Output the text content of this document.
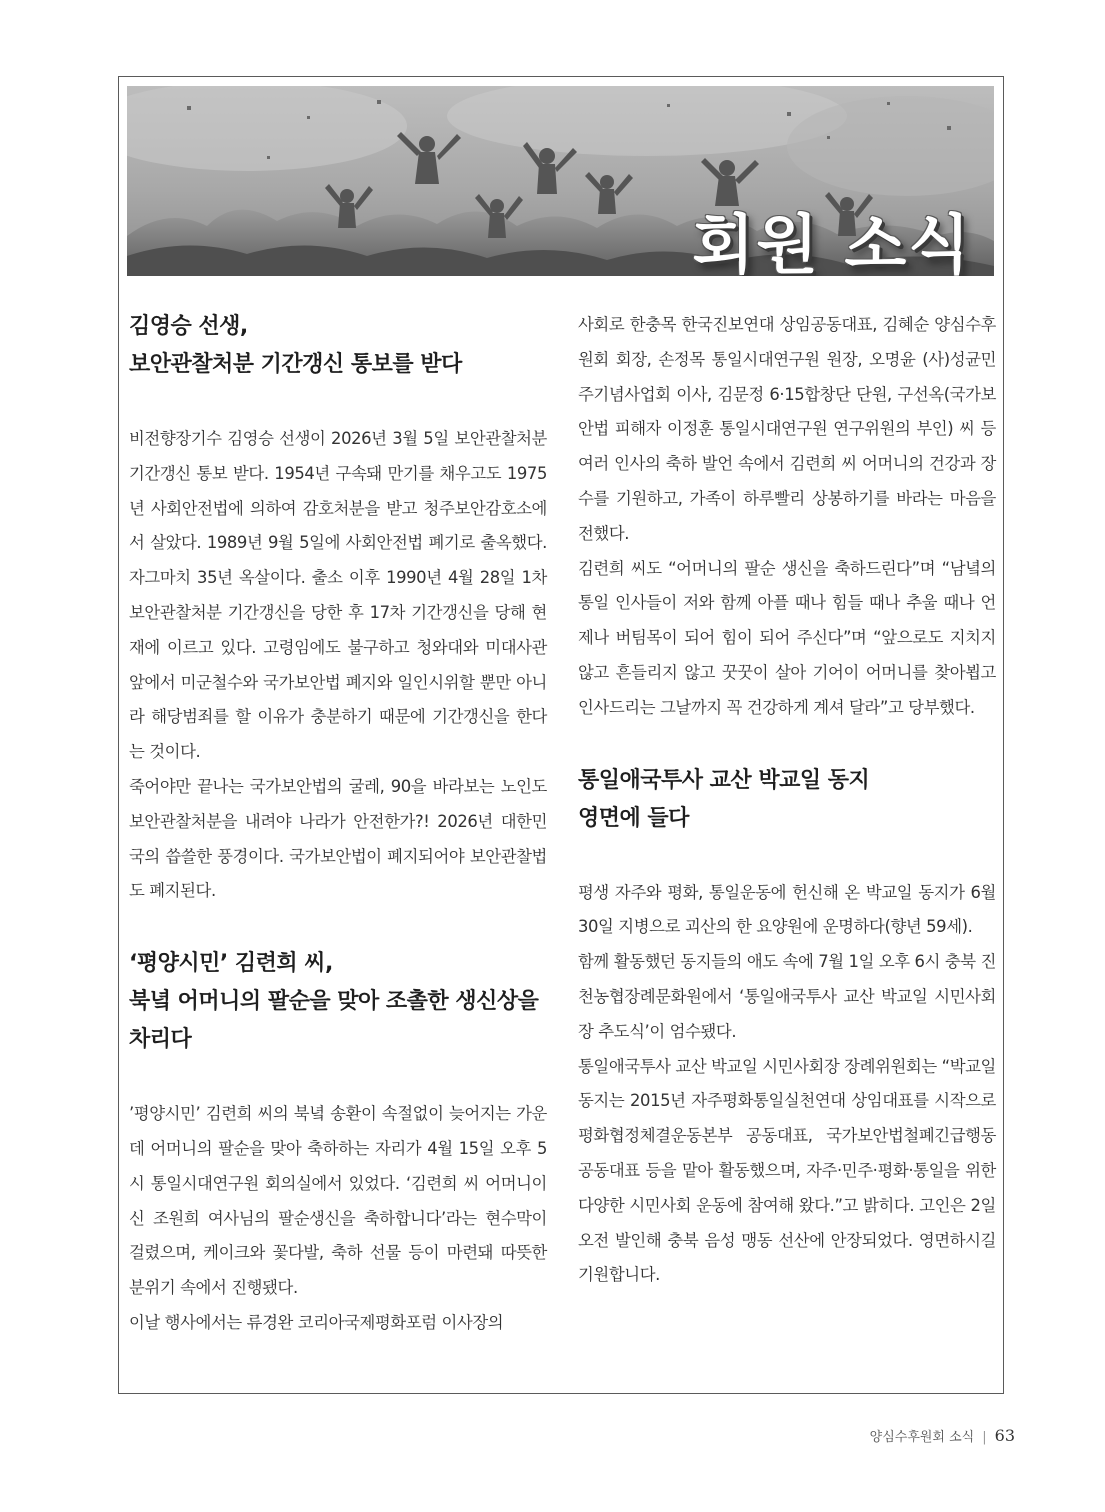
회원 소식
김영승 선생,
보안관찰처분 기간갱신 통보를 받다

비전향장기수 김영승 선생이 2026년 3월 5일 보안관찰처분 기간갱신 통보 받다. 1954년 구속돼 만기를 채우고도 1975년 사회안전법에 의하여 감호처분을 받고 청주보안감호소에서 살았다. 1989년 9월 5일에 사회안전법 폐기로 출옥했다. 자그마치 35년 옥살이다. 출소 이후 1990년 4월 28일 1차 보안관찰처분 기간갱신을 당한 후 17차 기간갱신을 당해 현재에 이르고 있다. 고령임에도 불구하고 청와대와 미대사관 앞에서 미군철수와 국가보안법 폐지와 일인시위할 뿐만 아니라 해당범죄를 할 이유가 충분하기 때문에 기간갱신을 한다는 것이다.

죽어야만 끝나는 국가보안법의 굴레, 90을 바라보는 노인도 보안관찰처분을 내려야 나라가 안전한가?! 2026년 대한민국의 씁쓸한 풍경이다. 국가보안법이 폐지되어야 보안관찰법도 폐지된다.

‘평양시민’ 김련희 씨,
북녘 어머니의 팔순을 맞아 조촐한 생신상을
차리다

’평양시민’ 김련희 씨의 북녘 송환이 속절없이 늦어지는 가운데 어머니의 팔순을 맞아 축하하는 자리가 4월 15일 오후 5시 통일시대연구원 회의실에서 있었다. ‘김련희 씨 어머니이신 조원희 여사님의 팔순생신을 축하합니다’라는 현수막이 걸렸으며, 케이크와 꽃다발, 축하 선물 등이 마련돼 따뜻한 분위기 속에서 진행됐다.

이날 행사에서는 류경완 코리아국제평화포럼 이사장의

사회로 한충목 한국진보연대 상임공동대표, 김혜순 양심수후원회 회장, 손정목 통일시대연구원 원장, 오명윤 (사)성균민주기념사업회 이사, 김문정 6·15합창단 단원, 구선옥(국가보안법 피해자 이정훈 통일시대연구원 연구위원의 부인) 씨 등 여러 인사의 축하 발언 속에서 김련희 씨 어머니의 건강과 장수를 기원하고, 가족이 하루빨리 상봉하기를 바라는 마음을 전했다.

김련희 씨도 “어머니의 팔순 생신을 축하드린다”며 “남녘의 통일 인사들이 저와 함께 아플 때나 힘들 때나 추울 때나 언제나 버팀목이 되어 힘이 되어 주신다”며 “앞으로도 지치지 않고 흔들리지 않고 꿋꿋이 살아 기어이 어머니를 찾아뵙고 인사드리는 그날까지 꼭 건강하게 계셔 달라”고 당부했다.

통일애국투사 교산 박교일 동지
영면에 들다

평생 자주와 평화, 통일운동에 헌신해 온 박교일 동지가 6월 30일 지병으로 괴산의 한 요양원에 운명하다(향년 59세).

함께 활동했던 동지들의 애도 속에 7월 1일 오후 6시 충북 진천농협장례문화원에서 ‘통일애국투사 교산 박교일 시민사회장 추도식’이 엄수됐다.

통일애국투사 교산 박교일 시민사회장 장례위원회는 “박교일 동지는 2015년 자주평화통일실천연대 상임대표를 시작으로 평화협정체결운동본부 공동대표, 국가보안법철폐긴급행동 공동대표 등을 맡아 활동했으며, 자주·민주·평화·통일을 위한 다양한 시민사회 운동에 참여해 왔다.”고 밝히다. 고인은 2일 오전 발인해 충북 음성 맹동 선산에 안장되었다. 영면하시길 기원합니다.

양심수후원회 소식 | 63
